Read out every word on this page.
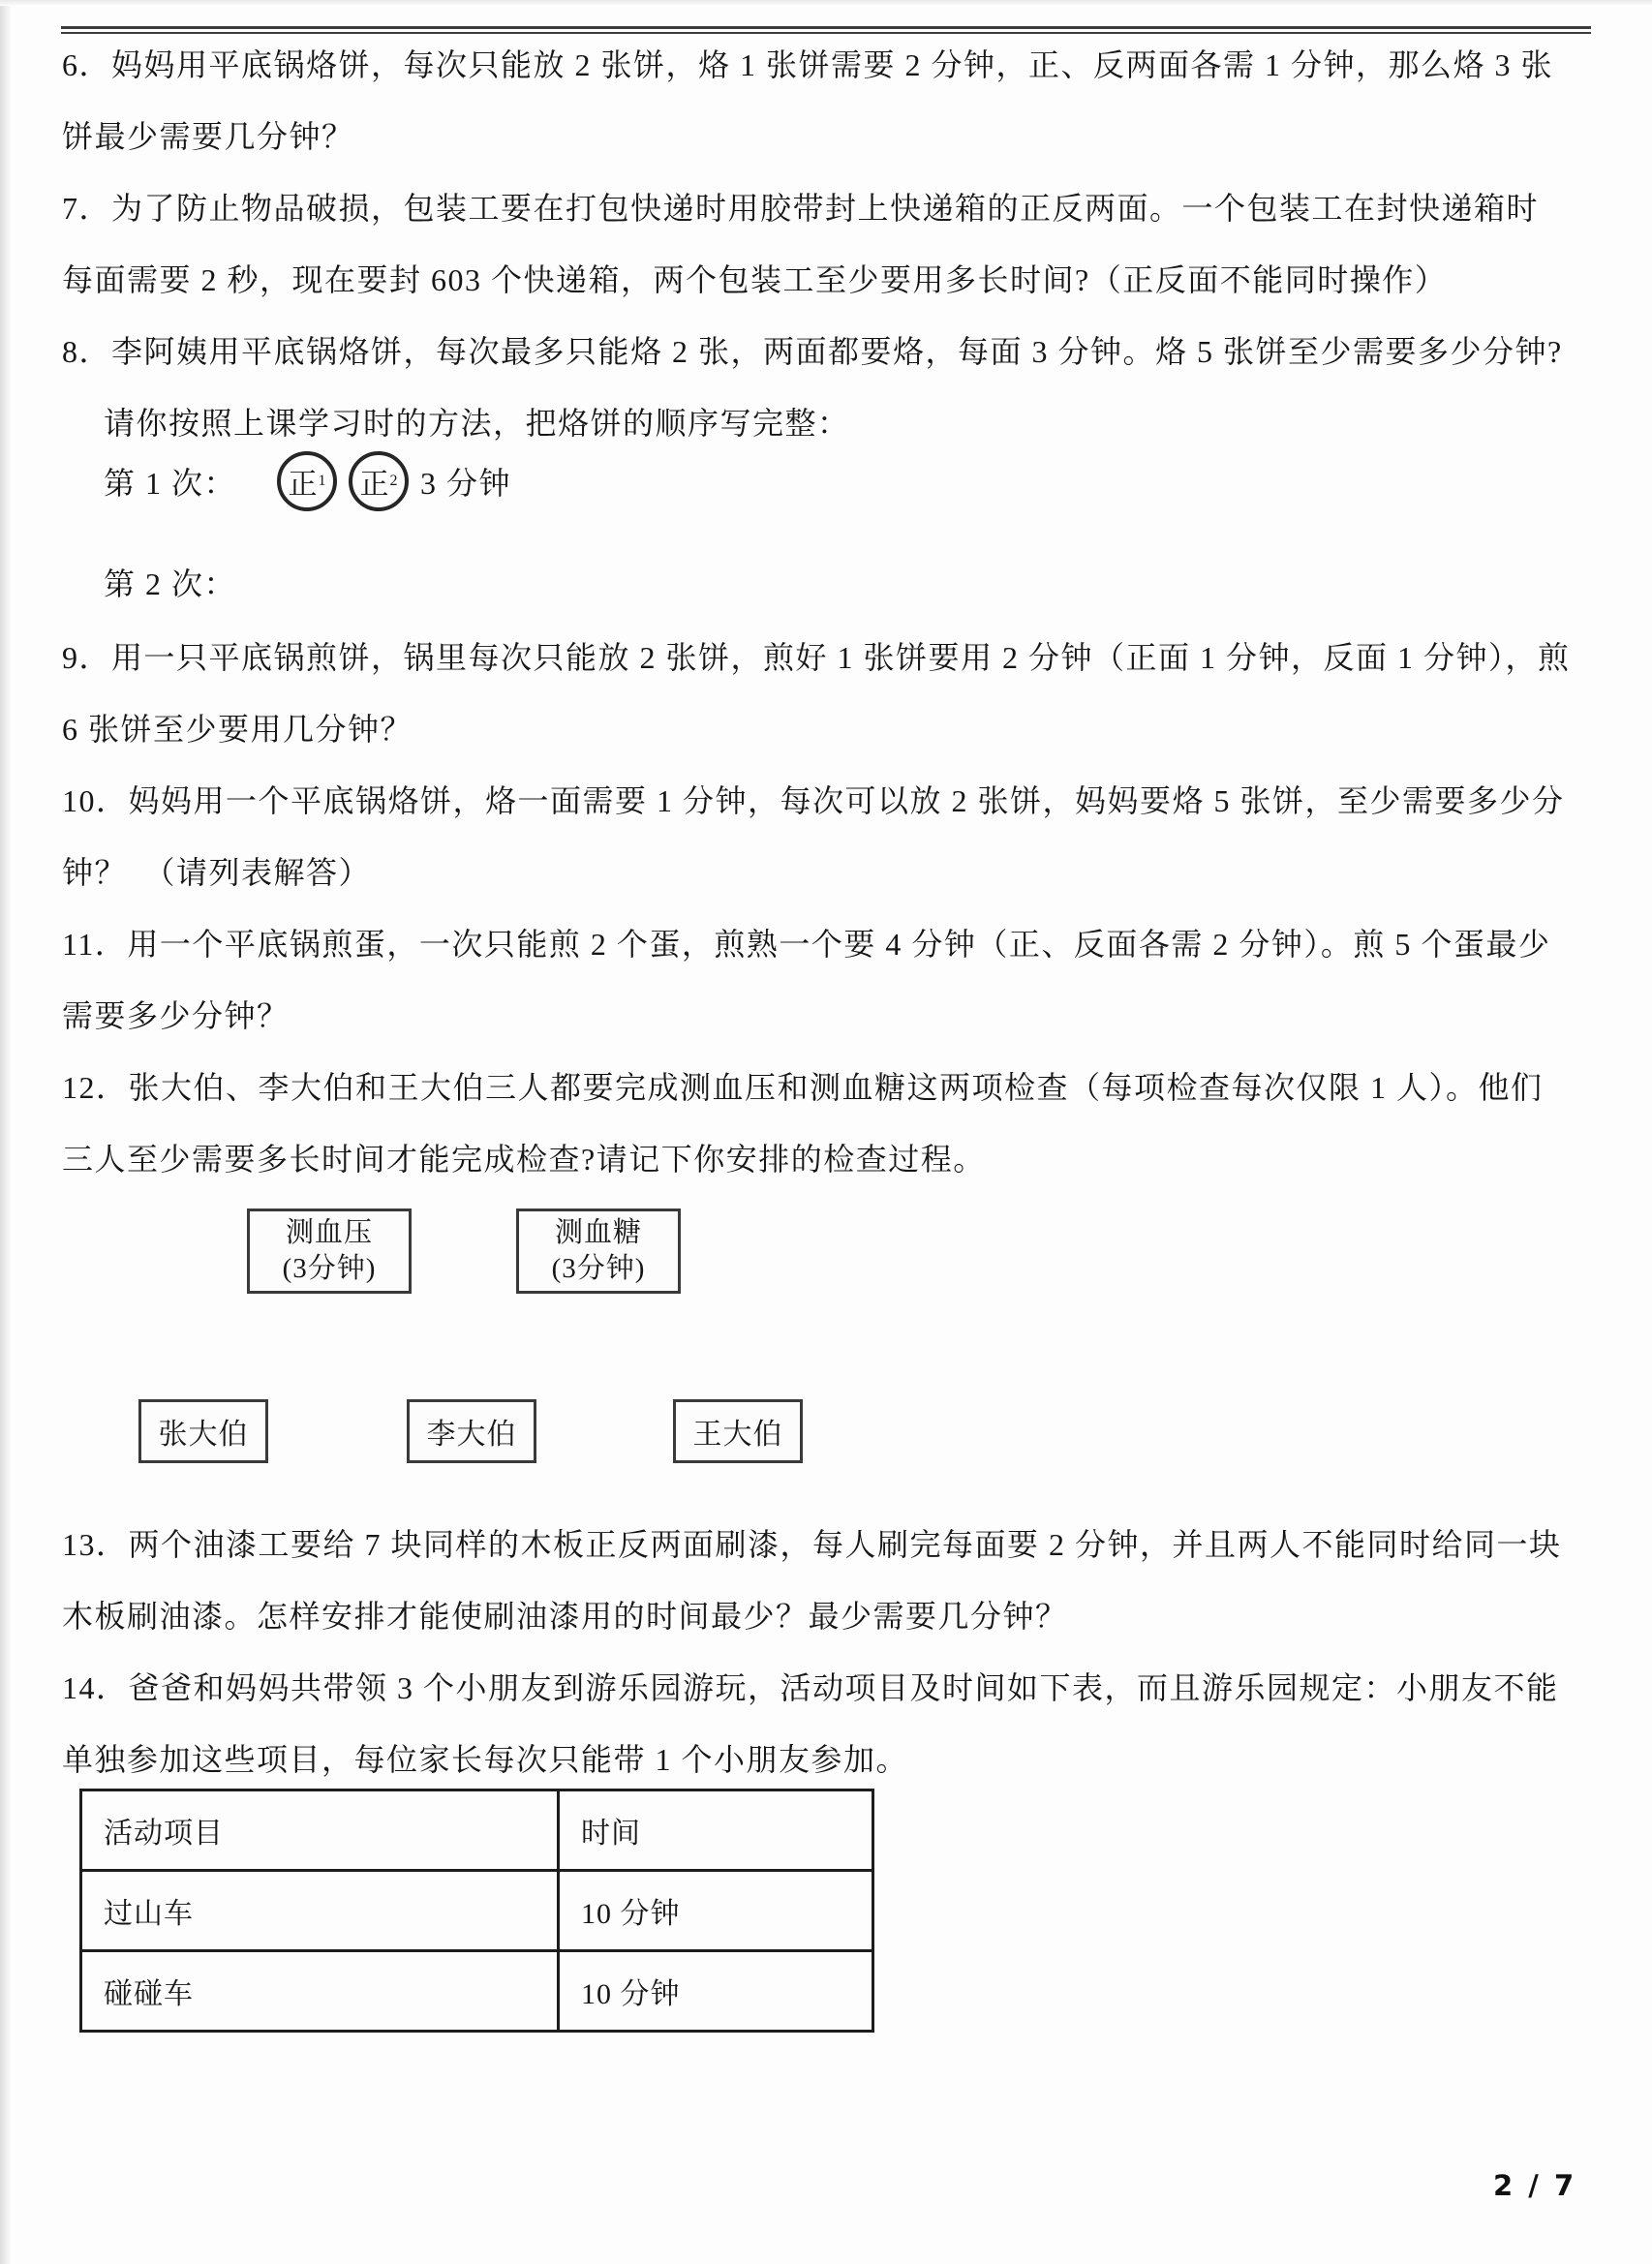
6．妈妈用平底锅烙饼，每次只能放 2 张饼，烙 1 张饼需要 2 分钟，正、反两面各需 1 分钟，那么烙 3 张
饼最少需要几分钟？
7．为了防止物品破损，包装工要在打包快递时用胶带封上快递箱的正反两面。一个包装工在封快递箱时
每面需要 2 秒，现在要封 603 个快递箱，两个包装工至少要用多长时间?（正反面不能同时操作）
8．李阿姨用平底锅烙饼，每次最多只能烙 2 张，两面都要烙，每面 3 分钟。烙 5 张饼至少需要多少分钟?
请你按照上课学习时的方法，把烙饼的顺序写完整：
第 1 次： 正 1 正 2 3 分钟
第 2 次：
9．用一只平底锅煎饼，锅里每次只能放 2 张饼，煎好 1 张饼要用 2 分钟（正面 1 分钟，反面 1 分钟），煎
6 张饼至少要用几分钟？
10．妈妈用一个平底锅烙饼，烙一面需要 1 分钟，每次可以放 2 张饼，妈妈要烙 5 张饼，至少需要多少分
钟？　（请列表解答）
11．用一个平底锅煎蛋，一次只能煎 2 个蛋，煎熟一个要 4 分钟（正、反面各需 2 分钟）。煎 5 个蛋最少
需要多少分钟？
12．张大伯、李大伯和王大伯三人都要完成测血压和测血糖这两项检查（每项检查每次仅限 1 人）。他们
三人至少需要多长时间才能完成检查?请记下你安排的检查过程。
测血压
(3分钟)
测血糖
(3分钟)
张大伯	李大伯	王大伯
13．两个油漆工要给 7 块同样的木板正反两面刷漆，每人刷完每面要 2 分钟，并且两人不能同时给同一块
木板刷油漆。怎样安排才能使刷油漆用的时间最少？最少需要几分钟？
14．爸爸和妈妈共带领 3 个小朋友到游乐园游玩，活动项目及时间如下表，而且游乐园规定：小朋友不能
单独参加这些项目，每位家长每次只能带 1 个小朋友参加。
活动项目	时间
过山车	10 分钟
碰碰车	10 分钟
2 / 7
